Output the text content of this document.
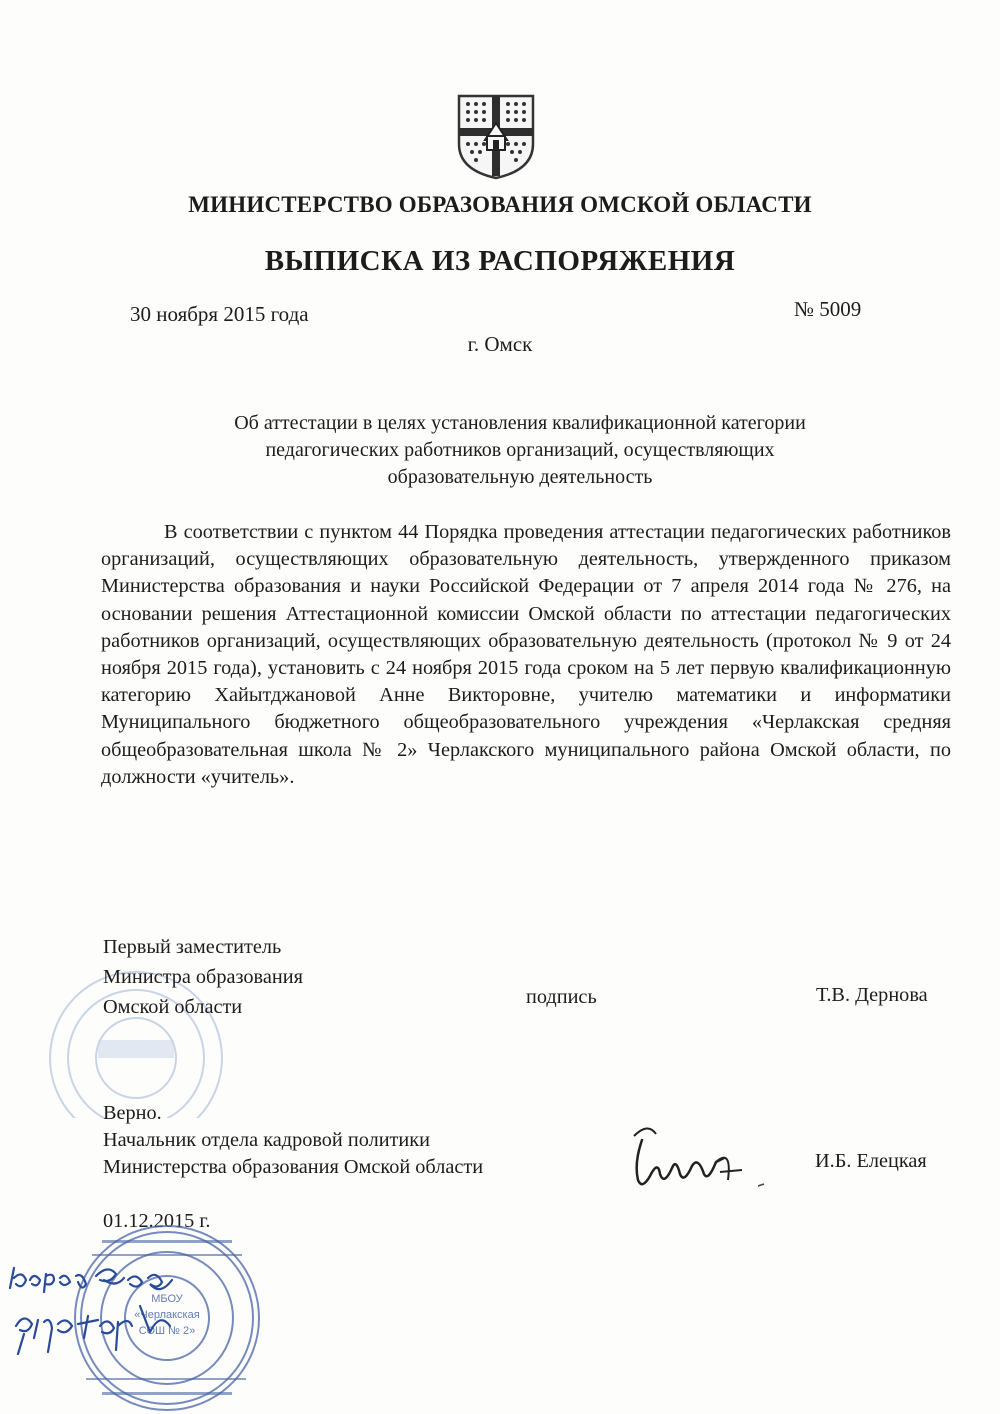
МИНИСТЕРСТВО ОБРАЗОВАНИЯ ОМСКОЙ ОБЛАСТИ
ВЫПИСКА ИЗ РАСПОРЯЖЕНИЯ
30 ноября 2015 года	№ 5009
г. Омск
Об аттестации в целях установления квалификационной категории
педагогических работников организаций, осуществляющих
образовательную деятельность

В соответствии с пунктом 44 Порядка проведения аттестации педагогических работников организаций, осуществляющих образовательную деятельность, утвержденного приказом Министерства образования и науки Российской Федерации от 7 апреля 2014 года № 276, на основании решения Аттестационной комиссии Омской области по аттестации педагогических работников организаций, осуществляющих образовательную деятельность (протокол № 9 от 24 ноября 2015 года), установить с 24 ноября 2015 года сроком на 5 лет первую квалификационную категорию Хайытджановой Анне Викторовне, учителю математики и информатики Муниципального бюджетного общеобразовательного учреждения «Черлакская средняя общеобразовательная школа № 2» Черлакского муниципального района Омской области, по должности «учитель».

Первый заместитель
Министра образования
Омской области	подпись	Т.В. Дернова
Верно.
Начальник отдела кадровой политики
Министерства образования Омской области	И.Б. Елецкая
01.12.2015 г.
МБОУ
«Черлакская
СОШ № 2»
